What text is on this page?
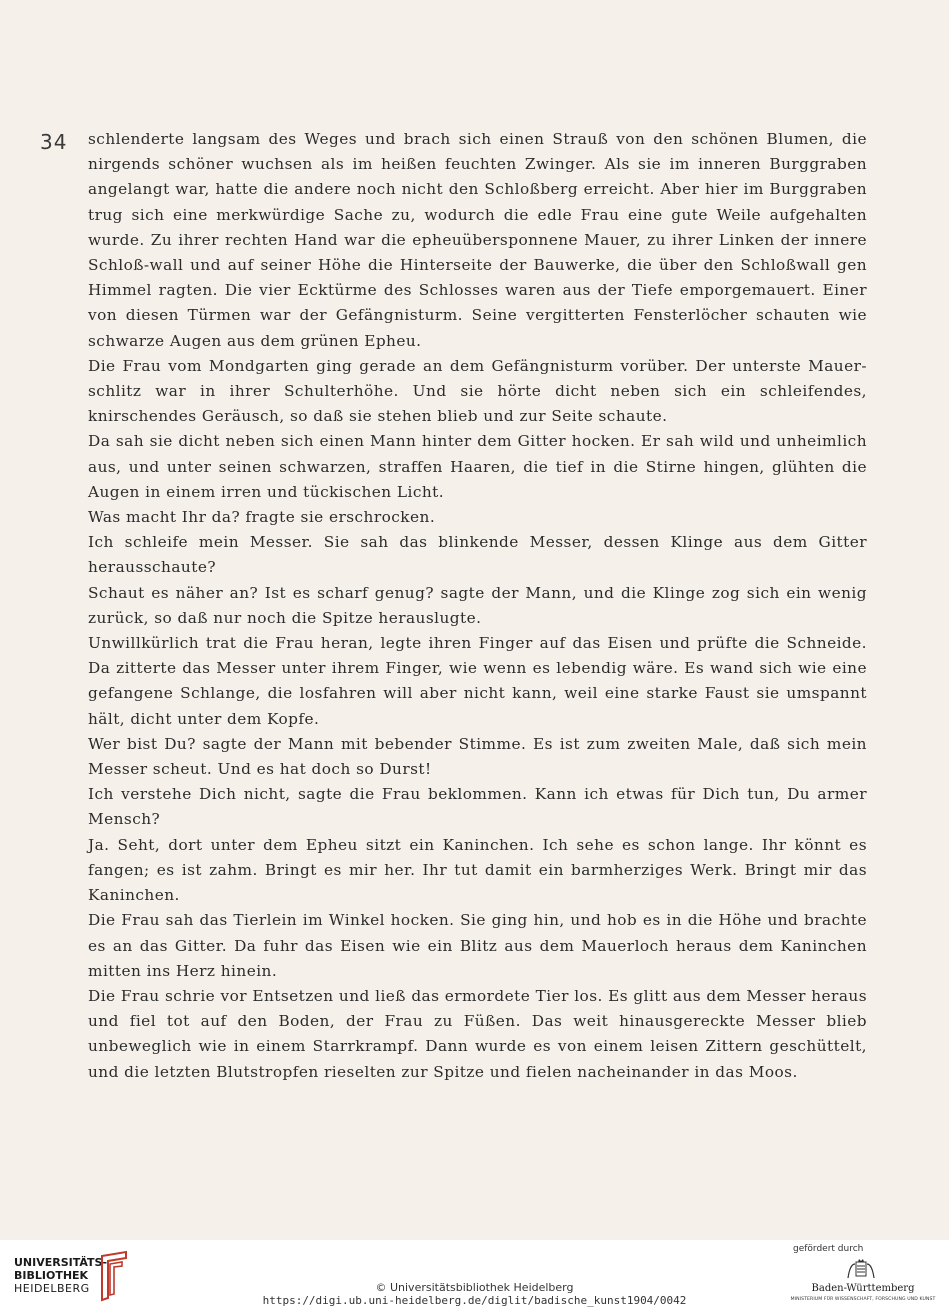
34 schlenderte langsam des Weges und brach sich einen Strauß von den schönen Blumen, die nirgends schöner wuchsen als im heißen feuchten Zwinger. Als sie im inneren Burggraben angelangt war, hatte die andere noch nicht den Schloßberg erreicht. Aber hier im Burggraben trug sich eine merkwürdige Sache zu, wodurch die edle Frau eine gute Weile aufgehalten wurde. Zu ihrer rechten Hand war die epheuübersponnene Mauer, zu ihrer Linken der innere Schloß-wall und auf seiner Höhe die Hinterseite der Bauwerke, die über den Schloßwall gen Himmel ragten. Die vier Ecktürme des Schlosses waren aus der Tiefe emporgemauert. Einer von diesen Türmen war der Gefängnisturm. Seine vergitterten Fensterlöcher schauten wie schwarze Augen aus dem grünen Epheu.

Die Frau vom Mondgarten ging gerade an dem Gefängnisturm vorüber. Der unterste Mauer-schlitz war in ihrer Schulterhöhe. Und sie hörte dicht neben sich ein schleifendes, knirschendes Geräusch, so daß sie stehen blieb und zur Seite schaute.

Da sah sie dicht neben sich einen Mann hinter dem Gitter hocken. Er sah wild und unheimlich aus, und unter seinen schwarzen, straffen Haaren, die tief in die Stirne hingen, glühten die Augen in einem irren und tückischen Licht.

Was macht Ihr da? fragte sie erschrocken.

Ich schleife mein Messer. Sie sah das blinkende Messer, dessen Klinge aus dem Gitter herausschaute?

Schaut es näher an? Ist es scharf genug? sagte der Mann, und die Klinge zog sich ein wenig zurück, so daß nur noch die Spitze herauslugte.

Unwillkürlich trat die Frau heran, legte ihren Finger auf das Eisen und prüfte die Schneide. Da zitterte das Messer unter ihrem Finger, wie wenn es lebendig wäre. Es wand sich wie eine gefangene Schlange, die losfahren will aber nicht kann, weil eine starke Faust sie umspannt hält, dicht unter dem Kopfe.

Wer bist Du? sagte der Mann mit bebender Stimme. Es ist zum zweiten Male, daß sich mein Messer scheut. Und es hat doch so Durst!

Ich verstehe Dich nicht, sagte die Frau beklommen. Kann ich etwas für Dich tun, Du armer Mensch?

Ja. Seht, dort unter dem Epheu sitzt ein Kaninchen. Ich sehe es schon lange. Ihr könnt es fangen; es ist zahm. Bringt es mir her. Ihr tut damit ein barmherziges Werk. Bringt mir das Kaninchen.

Die Frau sah das Tierlein im Winkel hocken. Sie ging hin, und hob es in die Höhe und brachte es an das Gitter. Da fuhr das Eisen wie ein Blitz aus dem Mauerloch heraus dem Kaninchen mitten ins Herz hinein.

Die Frau schrie vor Entsetzen und ließ das ermordete Tier los. Es glitt aus dem Messer heraus und fiel tot auf den Boden, der Frau zu Füßen. Das weit hinausgereckte Messer blieb unbeweglich wie in einem Starrkrampf. Dann wurde es von einem leisen Zittern geschüttelt, und die letzten Blutstropfen rieselten zur Spitze und fielen nacheinander in das Moos.

UNIVERSITÄTS-
BIBLIOTHEK
HEIDELBERG	© Universitätsbibliothek Heidelberg
https://digi.ub.uni-heidelberg.de/diglit/badische_kunst1904/0042
gefördert durch
Baden-Württemberg
MINISTERIUM FÜR WISSENSCHAFT, FORSCHUNG UND KUNST
